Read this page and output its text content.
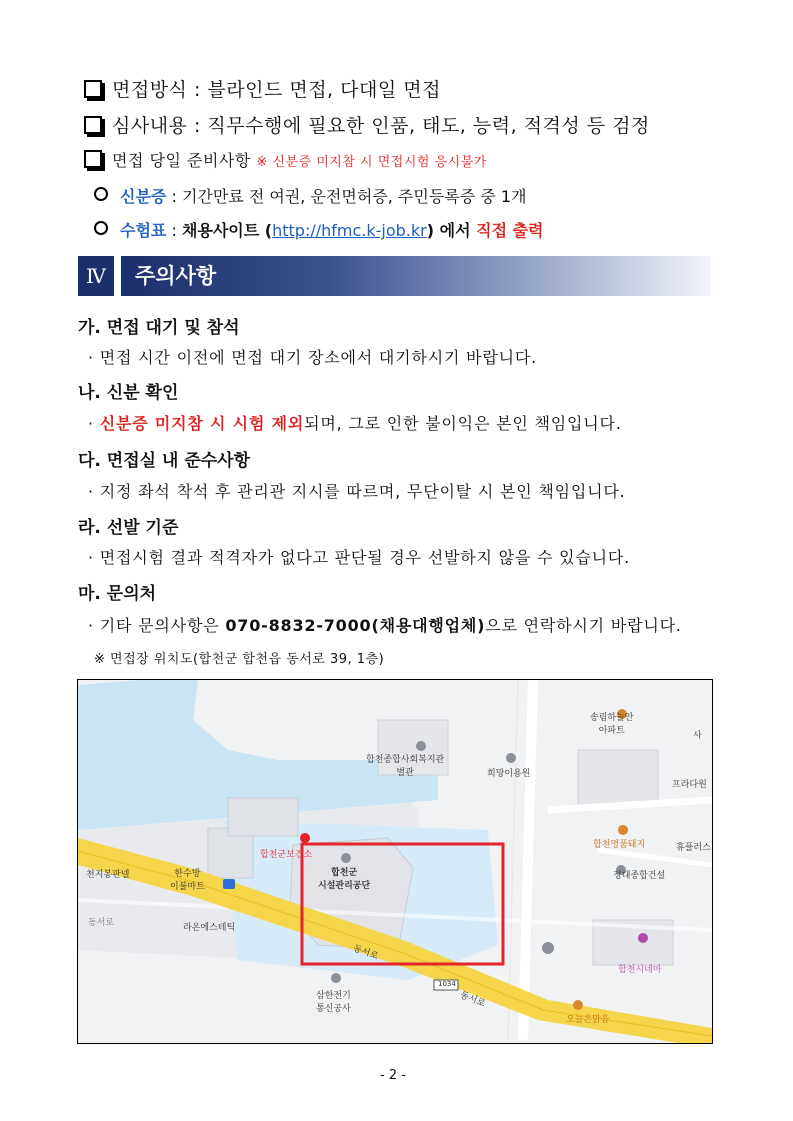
면접방식 : 블라인드 면접, 다대일 면접
심사내용 : 직무수행에 필요한 인품, 태도, 능력, 적격성 등 검정
면접 당일 준비사항 ※ 신분증 미지참 시 면접시험 응시불가
신분증 : 기간만료 전 여권, 운전면허증, 주민등록증 중 1개
수험표 : 채용사이트 (http://hfmc.k-job.kr) 에서 직접 출력
Ⅳ	주의사항
가. 면접 대기 및 참석
· 면접 시간 이전에 면접 대기 장소에서 대기하시기 바랍니다.
나. 신분 확인
· 신분증 미지참 시 시험 제외되며, 그로 인한 불이익은 본인 책임입니다.
다. 면접실 내 준수사항
· 지정 좌석 착석 후 관리관 지시를 따르며, 무단이탈 시 본인 책임입니다.
라. 선발 기준
· 면접시험 결과 적격자가 없다고 판단될 경우 선발하지 않을 수 있습니다.
마. 문의처
· 기타 문의사항은 070-8832-7000(채용대행업체)으로 연락하시기 바랍니다.
※ 면접장 위치도(합천군 합천읍 동서로 39, 1층)
송림하늘안
아파트
합천종합사회복지관
별관	희망이용원
합천군보건소
합천군
시설관리공단
합천명품돼지
정대종합건설
합천시네마
한수방
이불마트
천지봉판넬
라온에스테틱
삼한전기
통신공사
오늘은맑음
동서로
동서로
동서로
1034
프라다원
휴플러스
사
- 2 -
